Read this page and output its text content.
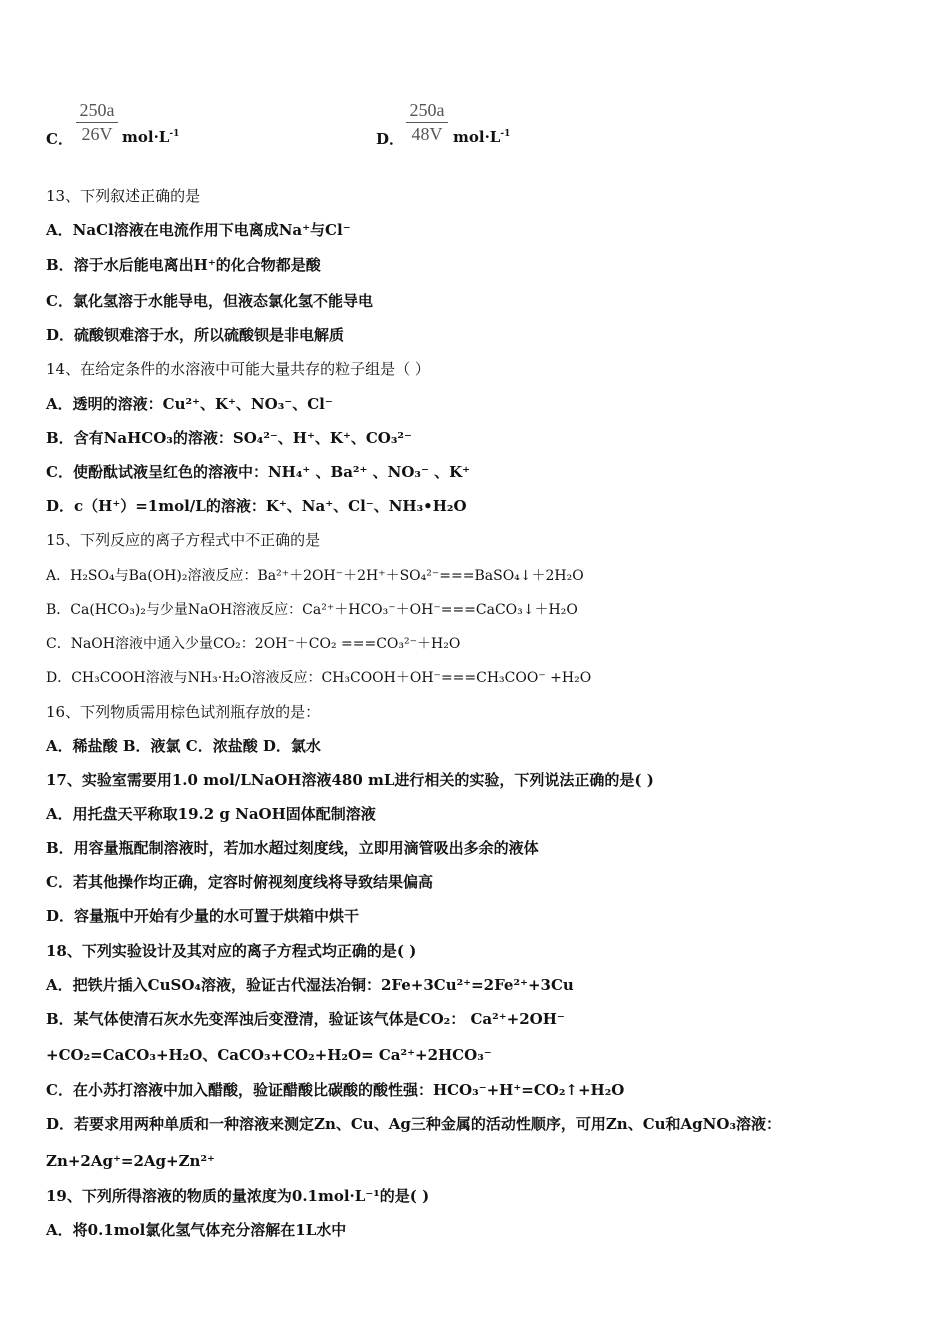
C．
250a
26V $mol\cdot L^{-1}$	D．
250a
48V $mol\cdot L^{-1}$
13、下列叙述正确的是
A．NaCl溶液在电流作用下电离成Na⁺与Cl⁻
B．溶于水后能电离出H⁺的化合物都是酸
C．氯化氢溶于水能导电，但液态氯化氢不能导电
D．硫酸钡难溶于水，所以硫酸钡是非电解质
14、在给定条件的水溶液中可能大量共存的粒子组是（ ）
A．透明的溶液：Cu²⁺、K⁺、NO₃⁻、Cl⁻
B．含有NaHCO₃的溶液：SO₄²⁻、H⁺、K⁺、CO₃²⁻
C．使酚酞试液呈红色的溶液中：NH₄⁺ 、Ba²⁺ 、NO₃⁻ 、K⁺
D．c（H⁺）=1mol/L的溶液：K⁺、Na⁺、Cl⁻、NH₃•H₂O
15、下列反应的离子方程式中不正确的是
A．H₂SO₄与Ba(OH)₂溶液反应：Ba²⁺＋2OH⁻＋2H⁺＋SO₄²⁻===BaSO₄↓＋2H₂O
B．Ca(HCO₃)₂与少量NaOH溶液反应：Ca²⁺＋HCO₃⁻＋OH⁻===CaCO₃↓＋H₂O
C．NaOH溶液中通入少量CO₂：2OH⁻＋CO₂ ===CO₃²⁻＋H₂O
D．CH₃COOH溶液与NH₃·H₂O溶液反应：CH₃COOH＋OH⁻===CH₃COO⁻ +H₂O
16、下列物质需用棕色试剂瓶存放的是：
A．稀盐酸 B．液氯 C．浓盐酸 D．氯水
17、实验室需要用1.0 mol/LNaOH溶液480 mL进行相关的实验，下列说法正确的是( )
A．用托盘天平称取19.2 g NaOH固体配制溶液
B．用容量瓶配制溶液时，若加水超过刻度线，立即用滴管吸出多余的液体
C．若其他操作均正确，定容时俯视刻度线将导致结果偏高
D．容量瓶中开始有少量的水可置于烘箱中烘干
18、下列实验设计及其对应的离子方程式均正确的是( )
A．把铁片插入CuSO₄溶液，验证古代湿法冶铜：2Fe+3Cu²⁺=2Fe²⁺+3Cu
B．某气体使清石灰水先变浑浊后变澄清，验证该气体是CO₂： Ca²⁺+2OH⁻
+CO₂=CaCO₃+H₂O、CaCO₃+CO₂+H₂O= Ca²⁺+2HCO₃⁻
C．在小苏打溶液中加入醋酸，验证醋酸比碳酸的酸性强：HCO₃⁻+H⁺=CO₂↑+H₂O
D．若要求用两种单质和一种溶液来测定Zn、Cu、Ag三种金属的活动性顺序，可用Zn、Cu和AgNO₃溶液：
Zn+2Ag⁺=2Ag+Zn²⁺
19、下列所得溶液的物质的量浓度为0.1mol·L⁻¹的是( )
A．将0.1mol氯化氢气体充分溶解在1L水中
